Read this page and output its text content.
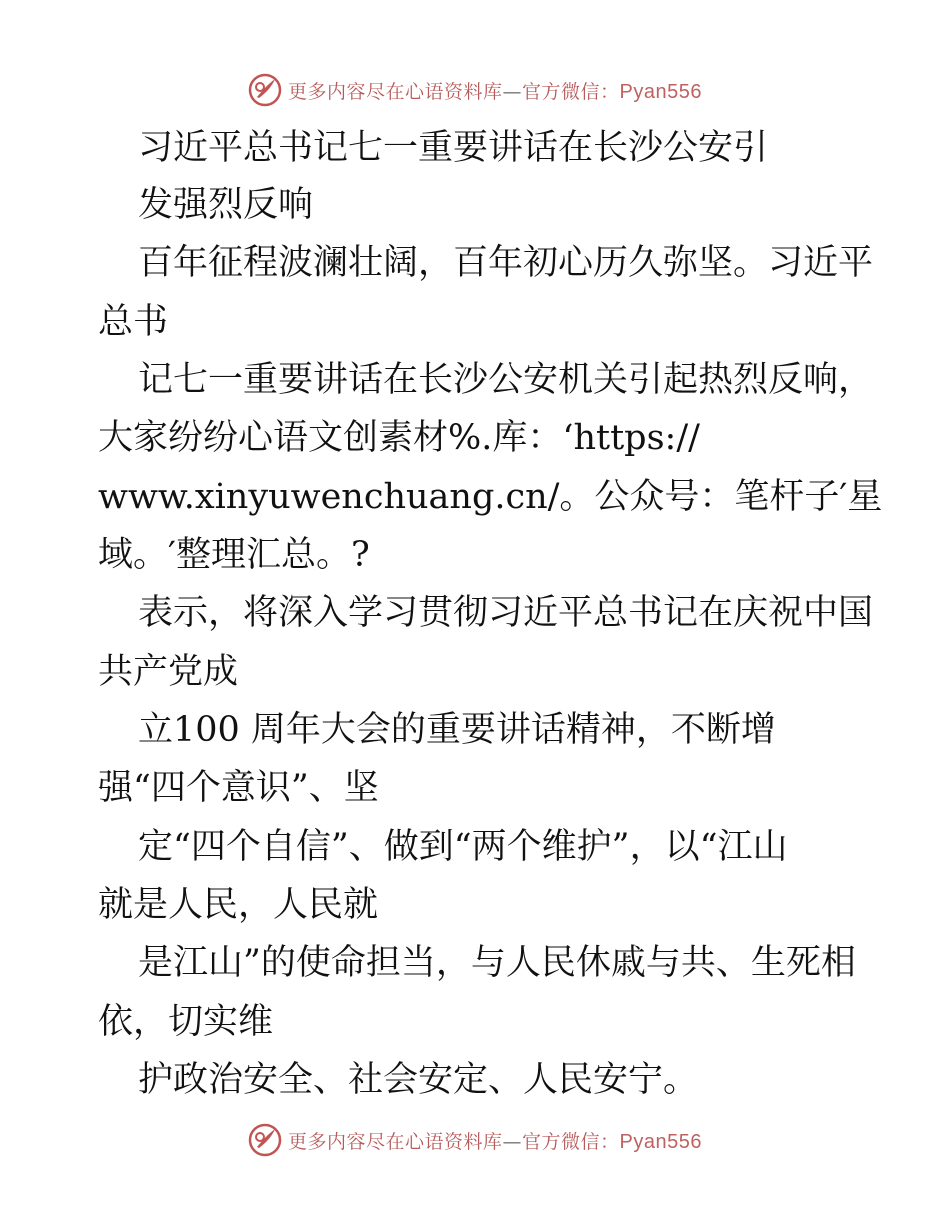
更多内容尽在心语资料库—官方微信：Pyan556
习近平总书记七一重要讲话在长沙公安引
发强烈反响
百年征程波澜壮阔，百年初心历久弥坚。习近平
总书
记七一重要讲话在长沙公安机关引起热烈反响，
大家纷纷心语文创素材%.库：‘https://
www.xinyuwenchuang.cn/。公众号：笔杆子′星
域。′整理汇总。?
表示，将深入学习贯彻习近平总书记在庆祝中国
共产党成
立100 周年大会的重要讲话精神，不断增
强“四个意识”、坚
定“四个自信”、做到“两个维护”，以“江山
就是人民，人民就
是江山”的使命担当，与人民休戚与共、生死相
依，切实维
护政治安全、社会安定、人民安宁。
更多内容尽在心语资料库—官方微信：Pyan556
